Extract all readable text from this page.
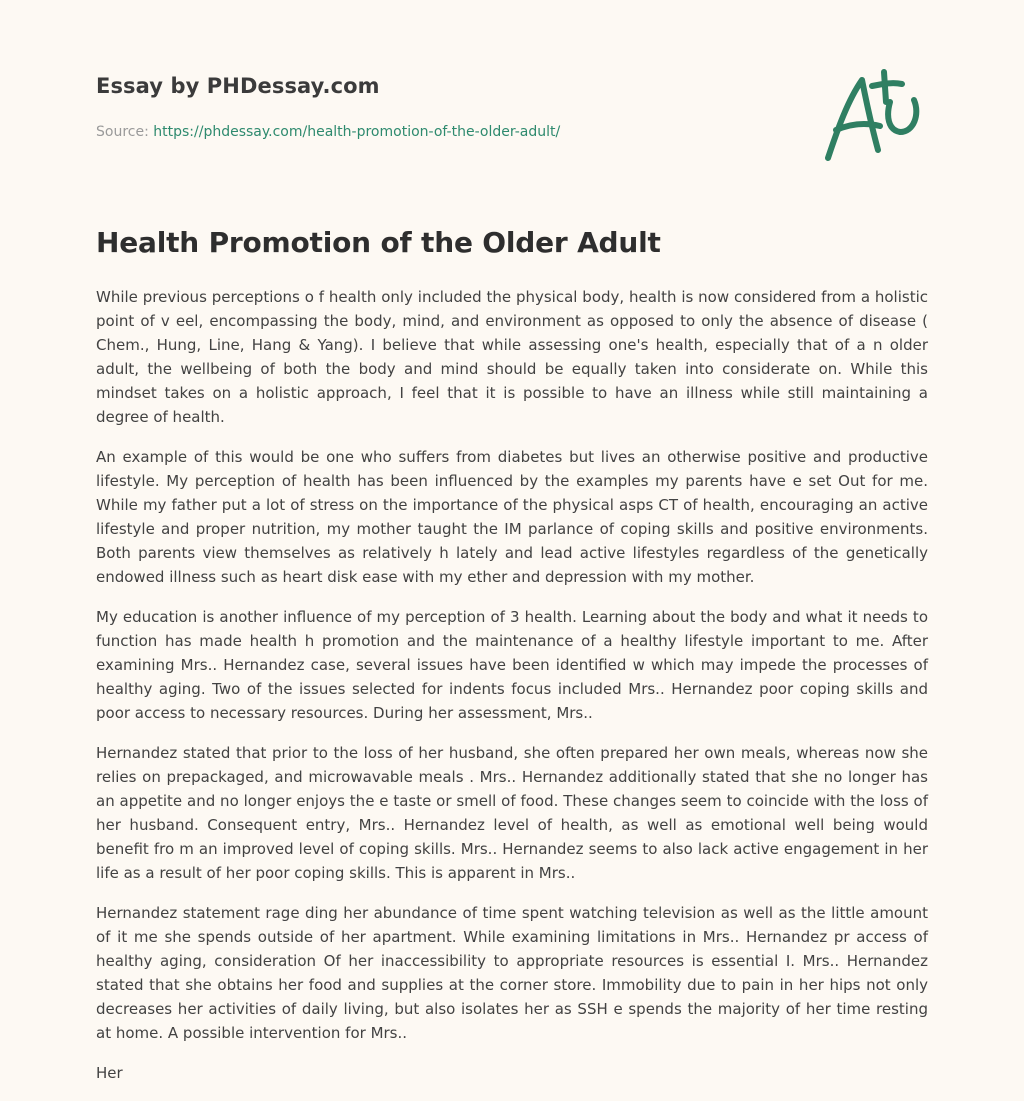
Essay by PHDessay.com
Source: https://phdessay.com/health-promotion-of-the-older-adult/
Health Promotion of the Older Adult

While previous perceptions o f health only included the physical body, health is now considered from a holistic point of v eel, encompassing the body, mind, and environment as opposed to only the absence of disease ( Chem., Hung, Line, Hang & Yang). I believe that while assessing one's health, especially that of a n older adult, the wellbeing of both the body and mind should be equally taken into considerate on. While this mindset takes on a holistic approach, I feel that it is possible to have an illness while still maintaining a degree of health.

An example of this would be one who suffers from diabetes but lives an otherwise positive and productive lifestyle. My perception of health has been influenced by the examples my parents have e set Out for me. While my father put a lot of stress on the importance of the physical asps CT of health, encouraging an active lifestyle and proper nutrition, my mother taught the IM parlance of coping skills and positive environments. Both parents view themselves as relatively h lately and lead active lifestyles regardless of the genetically endowed illness such as heart disk ease with my ether and depression with my mother.

My education is another influence of my perception of 3 health. Learning about the body and what it needs to function has made health h promotion and the maintenance of a healthy lifestyle important to me. After examining Mrs.. Hernandez case, several issues have been identified w which may impede the processes of healthy aging. Two of the issues selected for indents focus included Mrs.. Hernandez poor coping skills and poor access to necessary resources. During her assessment, Mrs..

Hernandez stated that prior to the loss of her husband, she often prepared her own meals, whereas now she relies on prepackaged, and microwavable meals . Mrs.. Hernandez additionally stated that she no longer has an appetite and no longer enjoys the e taste or smell of food. These changes seem to coincide with the loss of her husband. Consequent entry, Mrs.. Hernandez level of health, as well as emotional well being would benefit fro m an improved level of coping skills. Mrs.. Hernandez seems to also lack active engagement in her life as a result of her poor coping skills. This is apparent in Mrs..

Hernandez statement rage ding her abundance of time spent watching television as well as the little amount of it me she spends outside of her apartment. While examining limitations in Mrs.. Hernandez pr access of healthy aging, consideration Of her inaccessibility to appropriate resources is essential I. Mrs.. Hernandez stated that she obtains her food and supplies at the corner store. Immobility due to pain in her hips not only decreases her activities of daily living, but also isolates her as SSH e spends the majority of her time resting at home. A possible intervention for Mrs..

Her
